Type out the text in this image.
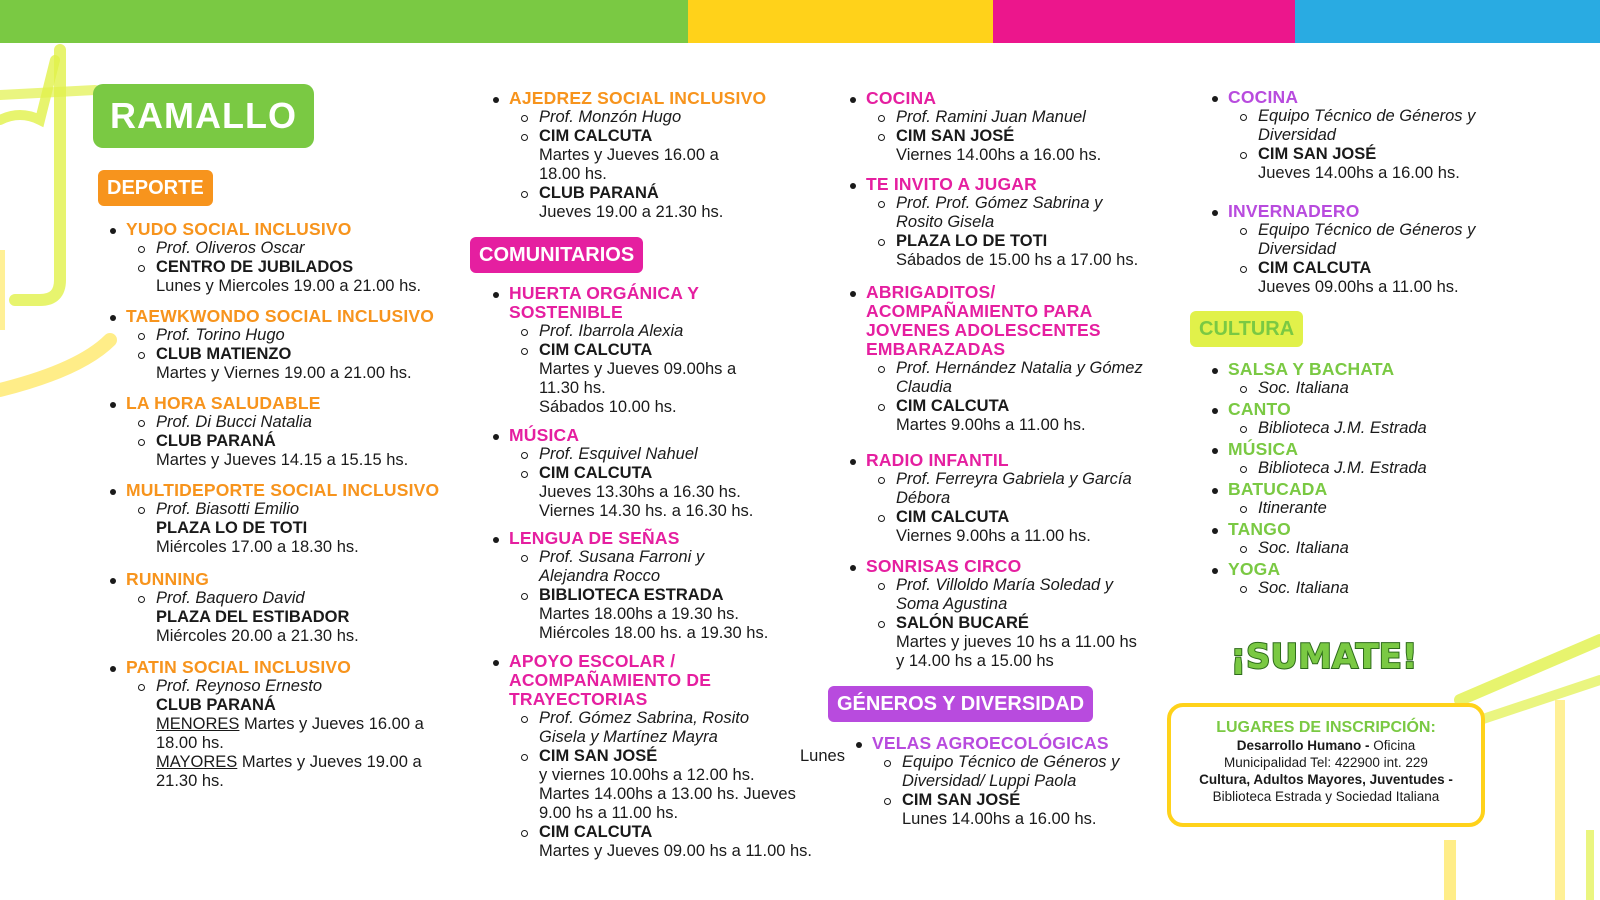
RAMALLO
DEPORTE
YUDO SOCIAL INCLUSIVO
Prof. Oliveros Oscar
CENTRO DE JUBILADOS
Lunes y Miercoles 19.00 a 21.00 hs.
TAEWKWONDO SOCIAL INCLUSIVO
Prof. Torino Hugo
CLUB MATIENZO
Martes y Viernes 19.00 a 21.00 hs.
LA HORA SALUDABLE
Prof. Di Bucci Natalia
CLUB PARANÁ
Martes y Jueves 14.15 a 15.15 hs.
MULTIDEPORTE SOCIAL INCLUSIVO
Prof. Biasotti Emilio
PLAZA LO DE TOTI
Miércoles 17.00 a 18.30 hs.
RUNNING
Prof. Baquero David
PLAZA DEL ESTIBADOR
Miércoles 20.00 a 21.30 hs.
PATIN SOCIAL INCLUSIVO
Prof. Reynoso Ernesto
CLUB PARANÁ
MENORES Martes y Jueves 16.00 a
18.00 hs.
MAYORES Martes y Jueves 19.00 a
21.30 hs.
AJEDREZ SOCIAL INCLUSIVO
Prof. Monzón Hugo
CIM CALCUTA
Martes y Jueves 16.00 a
18.00 hs.
CLUB PARANÁ
Jueves 19.00 a 21.30 hs.
COMUNITARIOS
HUERTA ORGÁNICA Y
SOSTENIBLE
Prof. Ibarrola Alexia
CIM CALCUTA
Martes y Jueves 09.00hs a
11.30 hs.
Sábados 10.00 hs.
MÚSICA
Prof. Esquivel Nahuel
CIM CALCUTA
Jueves 13.30hs a 16.30 hs.
Viernes 14.30 hs. a 16.30 hs.
LENGUA DE SEÑAS
Prof. Susana Farroni y
Alejandra Rocco
BIBLIOTECA ESTRADA
Martes 18.00hs a 19.30 hs.
Miércoles 18.00 hs. a 19.30 hs.
APOYO ESCOLAR /
ACOMPAÑAMIENTO DE
TRAYECTORIAS
Prof. Gómez Sabrina, Rosito
Gisela y Martínez Mayra
CIM SAN JOSÉ	Lunes
y viernes 10.00hs a 12.00 hs.
Martes 14.00hs a 13.00 hs. Jueves
9.00 hs a 11.00 hs.
CIM CALCUTA
Martes y Jueves 09.00 hs a 11.00 hs.
COCINA
Prof. Ramini Juan Manuel
CIM SAN JOSÉ
Viernes 14.00hs a 16.00 hs.
TE INVITO A JUGAR
Prof. Prof. Gómez Sabrina y
Rosito Gisela
PLAZA LO DE TOTI
Sábados de 15.00 hs a 17.00 hs.
ABRIGADITOS/
ACOMPAÑAMIENTO PARA
JOVENES ADOLESCENTES
EMBARAZADAS
Prof. Hernández Natalia y Gómez
Claudia
CIM CALCUTA
Martes 9.00hs a 11.00 hs.
RADIO INFANTIL
Prof. Ferreyra Gabriela y García
Débora
CIM CALCUTA
Viernes 9.00hs a 11.00 hs.
SONRISAS CIRCO
Prof. Villoldo María Soledad y
Soma Agustina
SALÓN BUCARÉ
Martes y jueves 10 hs a 11.00 hs
y 14.00 hs a 15.00 hs
GÉNEROS Y DIVERSIDAD
VELAS AGROECOLÓGICAS
Equipo Técnico de Géneros y
Diversidad/ Luppi Paola
CIM SAN JOSÉ
Lunes 14.00hs a 16.00 hs.
COCINA
Equipo Técnico de Géneros y
Diversidad
CIM SAN JOSÉ
Jueves 14.00hs a 16.00 hs.
INVERNADERO
Equipo Técnico de Géneros y
Diversidad
CIM CALCUTA
Jueves 09.00hs a 11.00 hs.
CULTURA
SALSA Y BACHATA
Soc. Italiana
CANTO
Biblioteca J.M. Estrada
MÚSICA
Biblioteca J.M. Estrada
BATUCADA
Itinerante
TANGO
Soc. Italiana
YOGA
Soc. Italiana
¡SUMATE!
LUGARES DE INSCRIPCIÓN:
Desarrollo Humano - Oficina
Municipalidad Tel: 422900 int. 229
Cultura, Adultos Mayores, Juventudes -
Biblioteca Estrada y Sociedad Italiana
